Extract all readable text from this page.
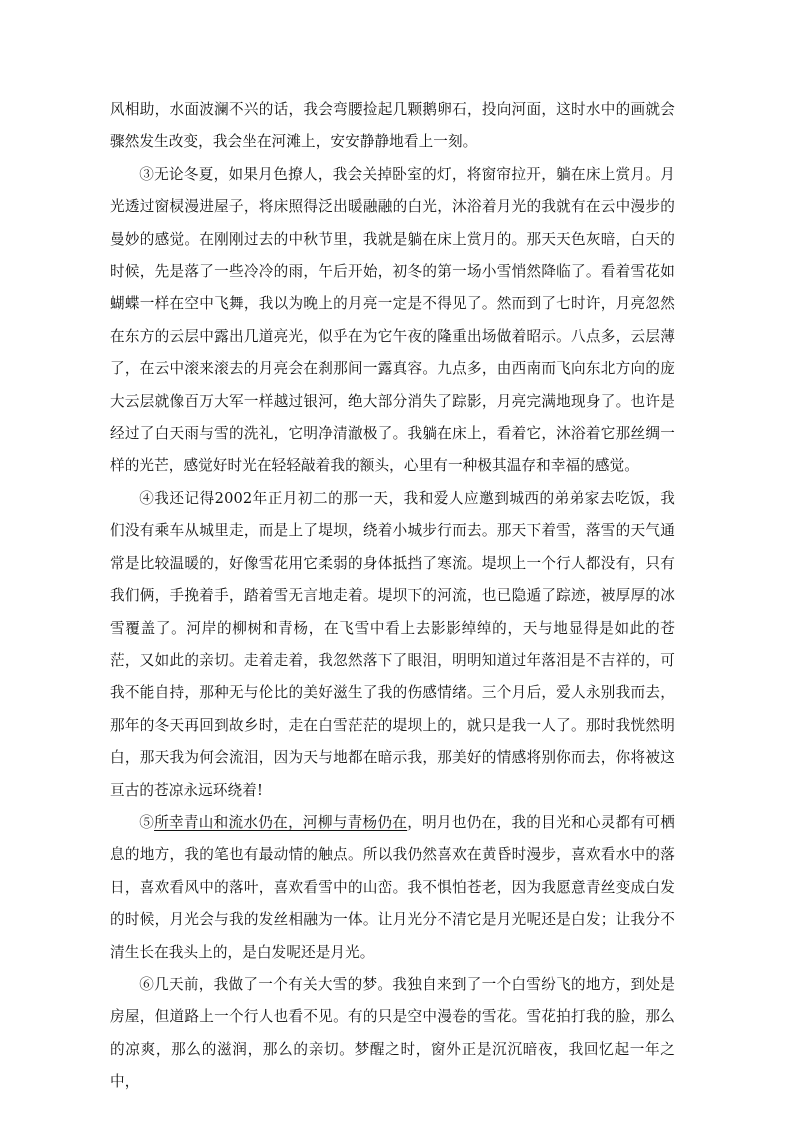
风相助，水面波澜不兴的话，我会弯腰捡起几颗鹅卵石，投向河面，这时水中的画就会骤然发生改变，我会坐在河滩上，安安静静地看上一刻。

③无论冬夏，如果月色撩人，我会关掉卧室的灯，将窗帘拉开，躺在床上赏月。月光透过窗棂漫进屋子，将床照得泛出暖融融的白光，沐浴着月光的我就有在云中漫步的曼妙的感觉。在刚刚过去的中秋节里，我就是躺在床上赏月的。那天天色灰暗，白天的时候，先是落了一些冷冷的雨，午后开始，初冬的第一场小雪悄然降临了。看着雪花如蝴蝶一样在空中飞舞，我以为晚上的月亮一定是不得见了。然而到了七时许，月亮忽然在东方的云层中露出几道亮光，似乎在为它午夜的隆重出场做着昭示。八点多，云层薄了，在云中滚来滚去的月亮会在刹那间一露真容。九点多，由西南而飞向东北方向的庞大云层就像百万大军一样越过银河，绝大部分消失了踪影，月亮完满地现身了。也许是经过了白天雨与雪的洗礼，它明净清澈极了。我躺在床上，看着它，沐浴着它那丝绸一样的光芒，感觉好时光在轻轻敲着我的额头，心里有一种极其温存和幸福的感觉。

④我还记得2002年正月初二的那一天，我和爱人应邀到城西的弟弟家去吃饭，我们没有乘车从城里走，而是上了堤坝，绕着小城步行而去。那天下着雪，落雪的天气通常是比较温暖的，好像雪花用它柔弱的身体抵挡了寒流。堤坝上一个行人都没有，只有我们俩，手挽着手，踏着雪无言地走着。堤坝下的河流，也已隐遁了踪迹，被厚厚的冰雪覆盖了。河岸的柳树和青杨，在飞雪中看上去影影绰绰的，天与地显得是如此的苍茫，又如此的亲切。走着走着，我忽然落下了眼泪，明明知道过年落泪是不吉祥的，可我不能自持，那种无与伦比的美好滋生了我的伤感情绪。三个月后，爱人永别我而去，那年的冬天再回到故乡时，走在白雪茫茫的堤坝上的，就只是我一人了。那时我恍然明白，那天我为何会流泪，因为天与地都在暗示我，那美好的情感将别你而去，你将被这亘古的苍凉永远环绕着!

⑤所幸青山和流水仍在，河柳与青杨仍在，明月也仍在，我的目光和心灵都有可栖息的地方，我的笔也有最动情的触点。所以我仍然喜欢在黄昏时漫步，喜欢看水中的落日，喜欢看风中的落叶，喜欢看雪中的山峦。我不惧怕苍老，因为我愿意青丝变成白发的时候，月光会与我的发丝相融为一体。让月光分不清它是月光呢还是白发；让我分不清生长在我头上的，是白发呢还是月光。

⑥几天前，我做了一个有关大雪的梦。我独自来到了一个白雪纷飞的地方，到处是房屋，但道路上一个行人也看不见。有的只是空中漫卷的雪花。雪花拍打我的脸，那么的凉爽，那么的滋润，那么的亲切。梦醒之时，窗外正是沉沉暗夜，我回忆起一年之中，
